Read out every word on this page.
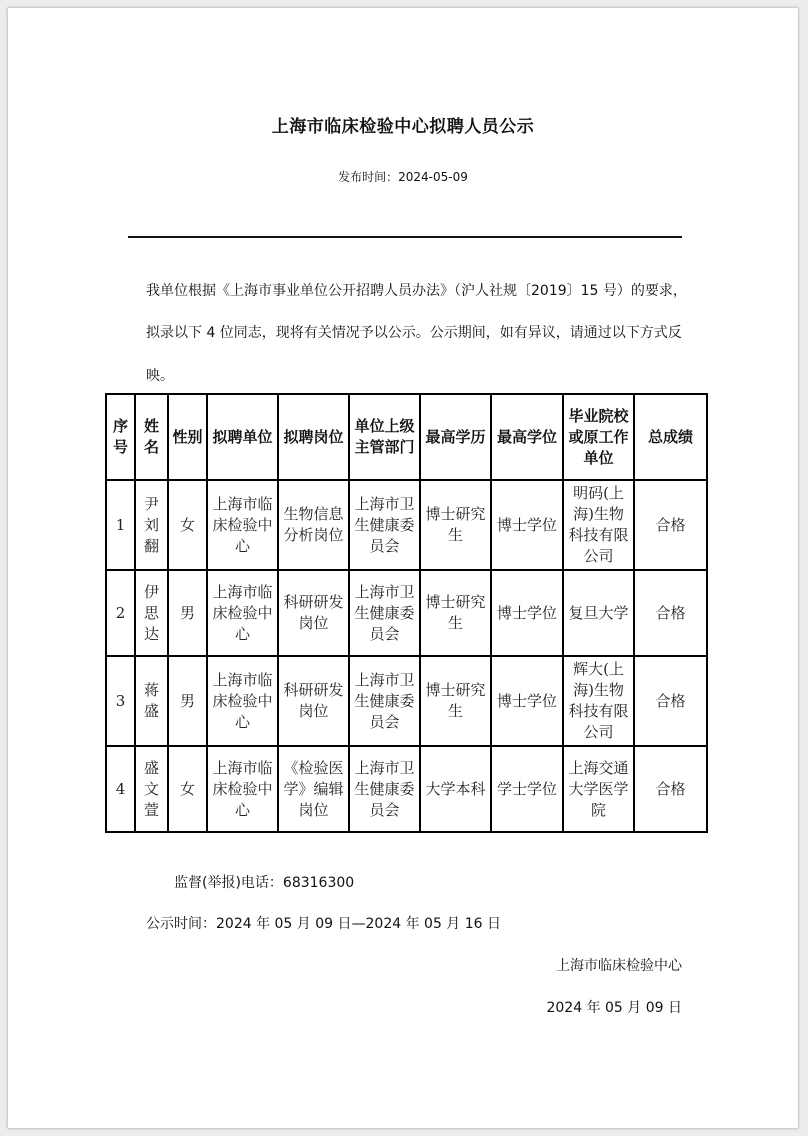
上海市临床检验中心拟聘人员公示
发布时间：2024-05-09
我单位根据《上海市事业单位公开招聘人员办法》（沪人社规〔2019〕15 号）的要求，
拟录以下 4 位同志，现将有关情况予以公示。公示期间，如有异议，请通过以下方式反
映。
序号	姓名	性别	拟聘单位	拟聘岗位	单位上级主管部门	最高学历	最高学位	毕业院校或原工作单位	总成绩
1	尹刘翻	女	上海市临床检验中心	生物信息分析岗位	上海市卫生健康委员会	博士研究生	博士学位	明码(上海)生物科技有限公司	合格
2	伊思达	男	上海市临床检验中心	科研研发岗位	上海市卫生健康委员会	博士研究生	博士学位	复旦大学	合格
3	蒋盛	男	上海市临床检验中心	科研研发岗位	上海市卫生健康委员会	博士研究生	博士学位	辉大(上海)生物科技有限公司	合格
4	盛文萱	女	上海市临床检验中心	《检验医学》编辑岗位	上海市卫生健康委员会	大学本科	学士学位	上海交通大学医学院	合格
监督(举报)电话：68316300
公示时间：2024 年 05 月 09 日—2024 年 05 月 16 日
上海市临床检验中心
2024 年 05 月 09 日
